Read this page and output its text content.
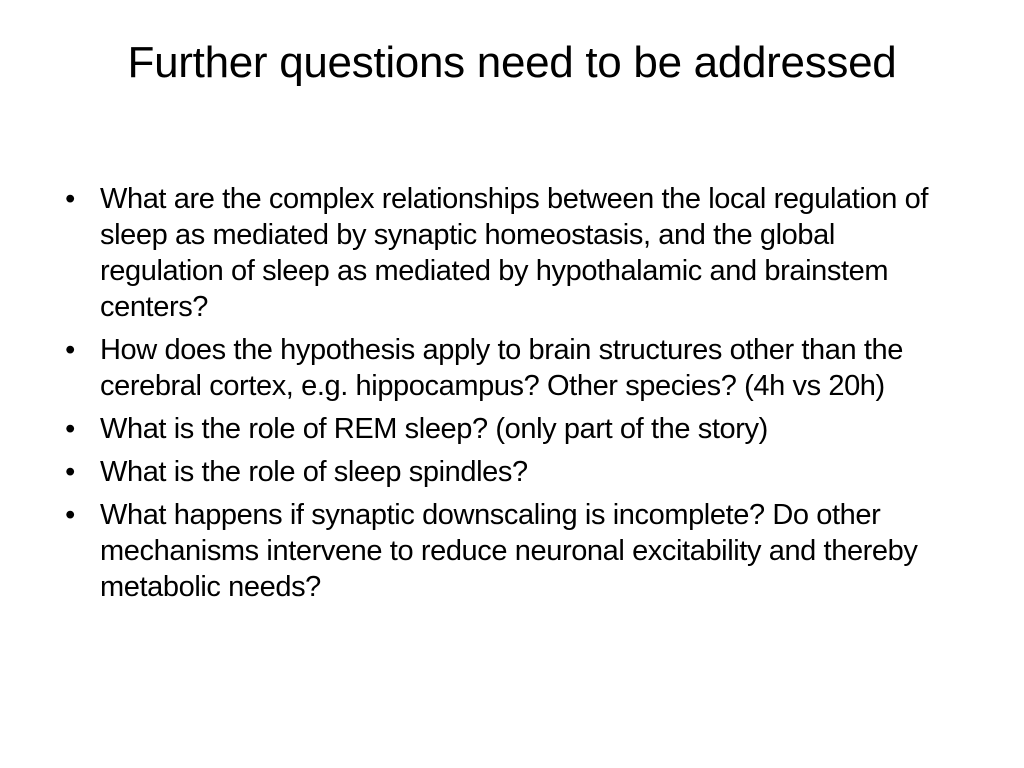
Further questions need to be addressed
• What are the complex relationships between the local regulation of sleep as mediated by synaptic homeostasis, and the global regulation of sleep as mediated by hypothalamic and brainstem centers?
• How does the hypothesis apply to brain structures other than the cerebral cortex, e.g. hippocampus? Other species? (4h vs 20h)
• What is the role of REM sleep? (only part of the story)
• What is the role of sleep spindles?
• What happens if synaptic downscaling is incomplete? Do other mechanisms intervene to reduce neuronal excitability and thereby metabolic needs?
